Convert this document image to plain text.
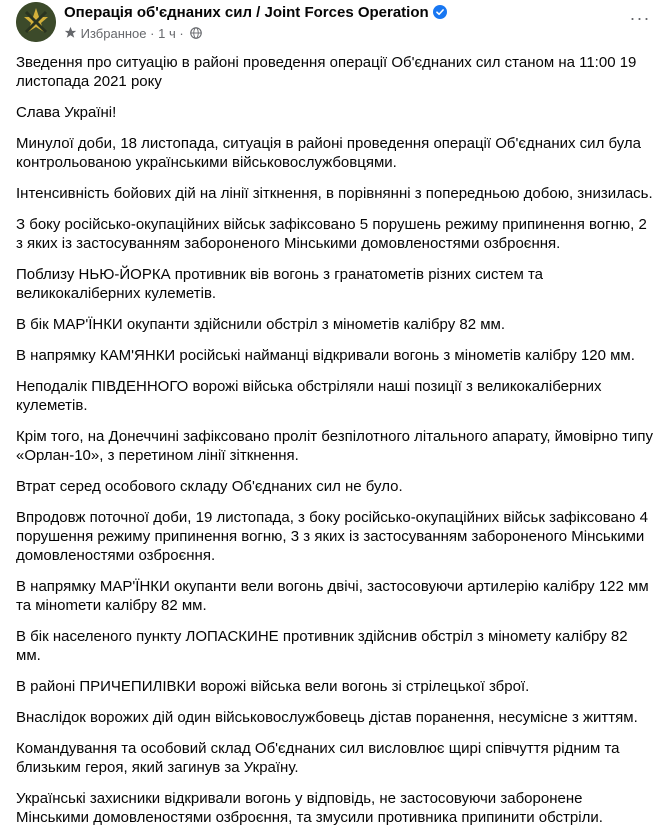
Операція об'єднаних сил / Joint Forces Operation
Избранное · 1 ч ·
···

Зведення про ситуацію в районі проведення операції Об'єднаних сил станом на 11:00 19 листопада 2021 року

Слава Україні!

Минулої доби, 18 листопада, ситуація в районі проведення операції Об'єднаних сил була контрольованою українськими військовослужбовцями.

Інтенсивність бойових дій на лінії зіткнення, в порівнянні з попередньою добою, знизилась.

З боку російсько-окупаційних військ зафіксовано 5 порушень режиму припинення вогню, 2 з яких із застосуванням забороненого Мінськими домовленостями озброєння.

Поблизу НЬЮ-ЙОРКА противник вів вогонь з гранатометів різних систем та великокаліберних кулеметів.

В бік МАР'ЇНКИ окупанти здійснили обстріл з мінометів калібру 82 мм.

В напрямку КАМ'ЯНКИ російські найманці відкривали вогонь з мінометів калібру 120 мм.

Неподалік ПІВДЕННОГО ворожі війська обстріляли наші позиції з великокаліберних кулеметів.

Крім того, на Донеччині зафіксовано проліт безпілотного літального апарату, ймовірно типу «Орлан-10», з перетином лінії зіткнення.

Втрат серед особового складу Об'єднаних сил не було.

Впродовж поточної доби, 19 листопада, з боку російсько-окупаційних військ зафіксовано 4 порушення режиму припинення вогню, 3 з яких із застосуванням забороненого Мінськими домовленостями озброєння.

В напрямку МАР'ЇНКИ окупанти вели вогонь двічі, застосовуючи артилерію калібру 122 мм та мінomети калібру 82 мм.

В бік населеного пункту ЛОПАСКИНЕ противник здійснив обстріл з міномету калібру 82 мм.

В районі ПРИЧЕПИЛІВКИ ворожі війська вели вогонь зі стрілецької зброї.

Внаслідок ворожих дій один військовослужбовець дістав поранення, несумісне з життям.

Командування та особовий склад Об'єднаних сил висловлює щирі співчуття рідним та близьким героя, який загинув за Україну.

Українські захисники відкривали вогонь у відповідь, не застосовуючи заборонене Мінськими домовленостями озброєння, та змусили противника припинити обстріли.
